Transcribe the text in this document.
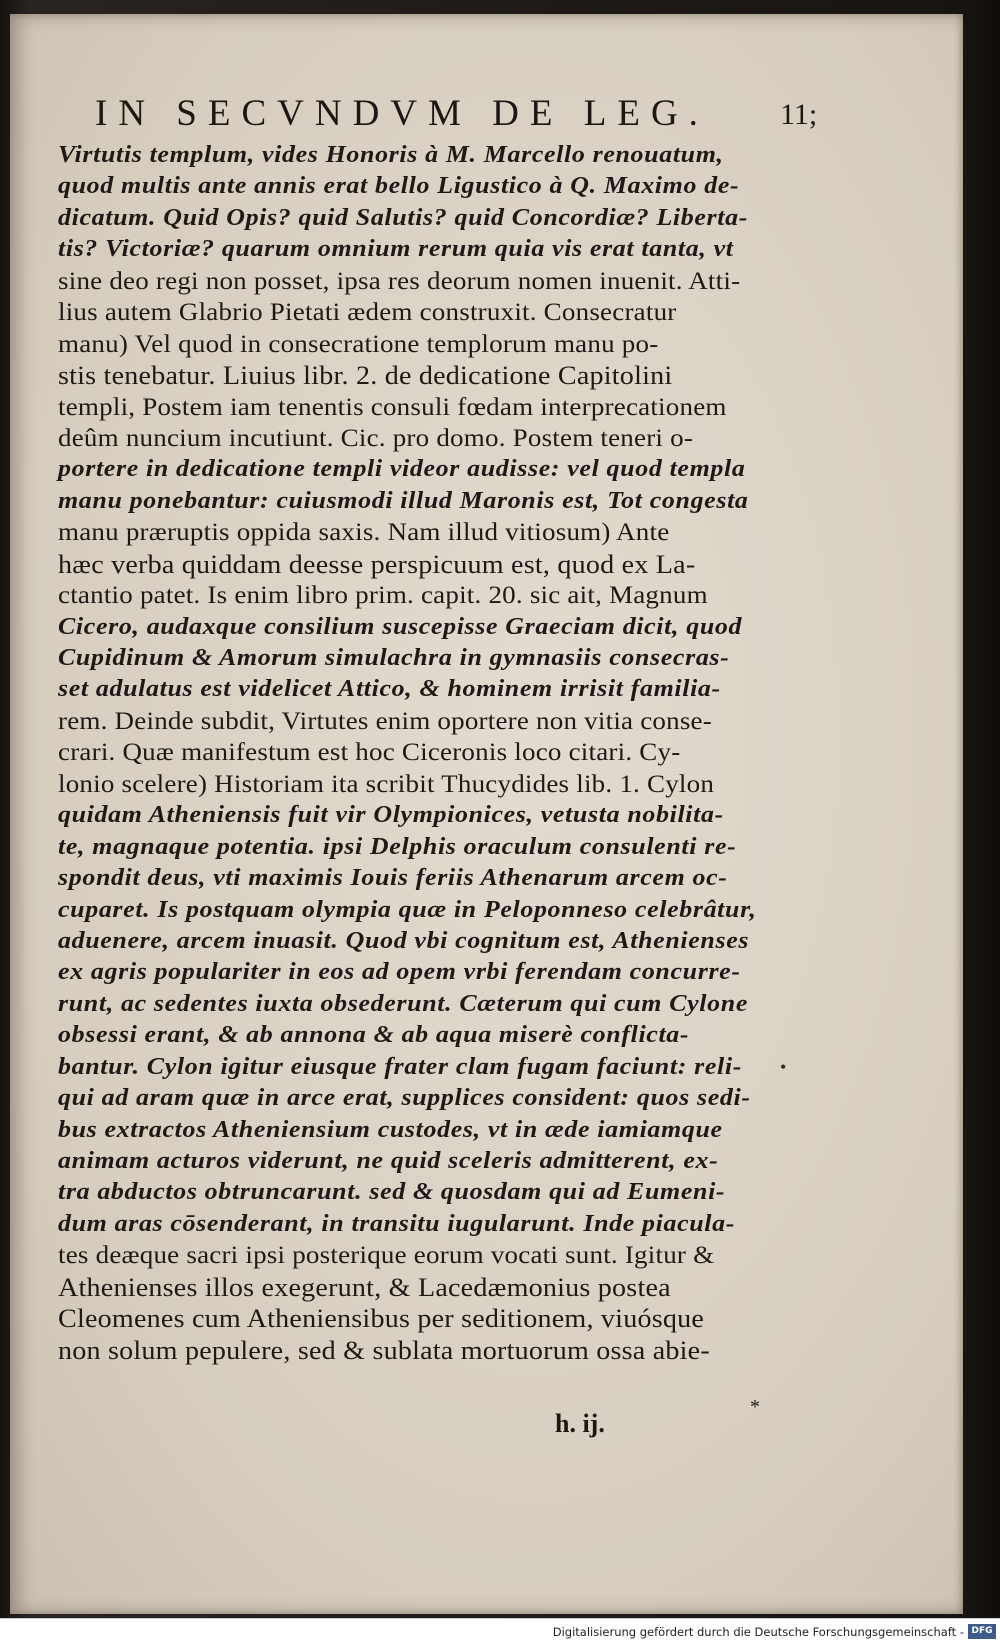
IN SECVNDVM DE LEG.	11;
Virtutis templum, vides Honoris à M. Marcello renouatum,
quod multis ante annis erat bello Ligustico à Q. Maximo de-
dicatum. Quid Opis? quid Salutis? quid Concordiæ? Liberta-
tis? Victoriæ? quarum omnium rerum quia vis erat tanta, vt
sine deo regi non posset, ipsa res deorum nomen inuenit. Atti-
lius autem Glabrio Pietati ædem construxit. Consecratur
manu) Vel quod in consecratione templorum manu po-
stis tenebatur. Liuius libr. 2. de dedicatione Capitolini
templi, Postem iam tenentis consuli fœdam interprecationem
deûm nuncium incutiunt. Cic. pro domo. Postem teneri o-
portere in dedicatione templi videor audisse: vel quod templa
manu ponebantur: cuiusmodi illud Maronis est, Tot congesta
manu præruptis oppida saxis. Nam illud vitiosum) Ante
hæc verba quiddam deesse perspicuum est, quod ex La-
ctantio patet. Is enim libro prim. capit. 20. sic ait, Magnum
Cicero, audaxque consilium suscepisse Graeciam dicit, quod
Cupidinum & Amorum simulachra in gymnasiis consecras-
set adulatus est videlicet Attico, & hominem irrisit familia-
rem. Deinde subdit, Virtutes enim oportere non vitia conse-
crari. Quæ manifestum est hoc Ciceronis loco citari. Cy-
lonio scelere) Historiam ita scribit Thucydides lib. 1. Cylon
quidam Atheniensis fuit vir Olympionices, vetusta nobilita-
te, magnaque potentia. ipsi Delphis oraculum consulenti re-
spondit deus, vti maximis Iouis feriis Athenarum arcem oc-
cuparet. Is postquam olympia quæ in Peloponneso celebrâtur,
aduenere, arcem inuasit. Quod vbi cognitum est, Athenienses
ex agris populariter in eos ad opem vrbi ferendam concurre-
runt, ac sedentes iuxta obsederunt. Cæterum qui cum Cylone
obsessi erant, & ab annona & ab aqua miserè conflicta-
bantur. Cylon igitur eiusque frater clam fugam faciunt: reli-
qui ad aram quæ in arce erat, supplices consident: quos sedi-
bus extractos Atheniensium custodes, vt in æde iamiamque
animam acturos viderunt, ne quid sceleris admitterent, ex-
tra abductos obtruncarunt. sed & quosdam qui ad Eumeni-
dum aras cōsenderant, in transitu iugularunt. Inde piacula-
tes deæque sacri ipsi posterique eorum vocati sunt. Igitur &
Athenienses illos exegerunt, & Lacedæmonius postea
Cleomenes cum Atheniensibus per seditionem, viuósque
non solum pepulere, sed & sublata mortuorum ossa abie-
•
*
h. ij.
Digitalisierung gefördert durch die Deutsche Forschungsgemeinschaft - DFG
